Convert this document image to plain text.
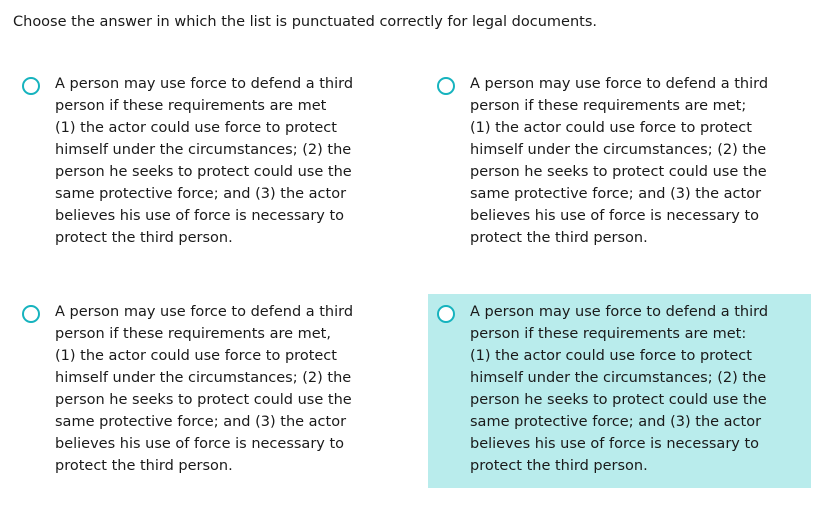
Choose the answer in which the list is punctuated correctly for legal documents.
A person may use force to defend a third
person if these requirements are met
(1) the actor could use force to protect
himself under the circumstances; (2) the
person he seeks to protect could use the
same protective force; and (3) the actor
believes his use of force is necessary to
protect the third person.
A person may use force to defend a third
person if these requirements are met;
(1) the actor could use force to protect
himself under the circumstances; (2) the
person he seeks to protect could use the
same protective force; and (3) the actor
believes his use of force is necessary to
protect the third person.
A person may use force to defend a third
person if these requirements are met,
(1) the actor could use force to protect
himself under the circumstances; (2) the
person he seeks to protect could use the
same protective force; and (3) the actor
believes his use of force is necessary to
protect the third person.
A person may use force to defend a third
person if these requirements are met:
(1) the actor could use force to protect
himself under the circumstances; (2) the
person he seeks to protect could use the
same protective force; and (3) the actor
believes his use of force is necessary to
protect the third person.
